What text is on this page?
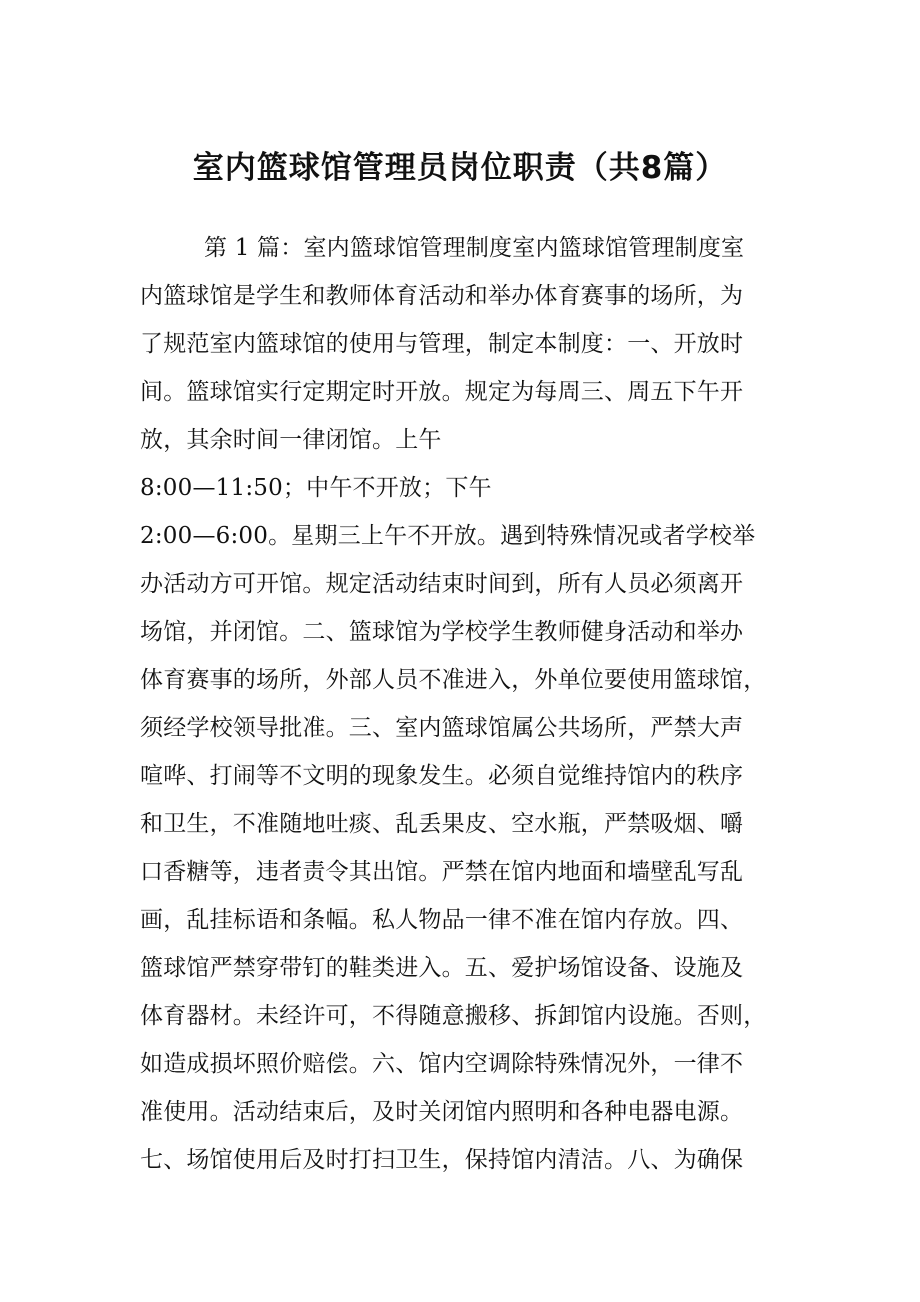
室内篮球馆管理员岗位职责（共8篇）
第 1 篇：室内篮球馆管理制度室内篮球馆管理制度室
内篮球馆是学生和教师体育活动和举办体育赛事的场所，为
了规范室内篮球馆的使用与管理，制定本制度：一、开放时
间。篮球馆实行定期定时开放。规定为每周三、周五下午开
放，其余时间一律闭馆。上午
8:00—11:50；中午不开放；下午
2:00—6:00。星期三上午不开放。遇到特殊情况或者学校举
办活动方可开馆。规定活动结束时间到，所有人员必须离开
场馆，并闭馆。二、篮球馆为学校学生教师健身活动和举办
体育赛事的场所，外部人员不准进入，外单位要使用篮球馆，
须经学校领导批准。三、室内篮球馆属公共场所，严禁大声
喧哗、打闹等不文明的现象发生。必须自觉维持馆内的秩序
和卫生，不准随地吐痰、乱丢果皮、空水瓶，严禁吸烟、嚼
口香糖等，违者责令其出馆。严禁在馆内地面和墙壁乱写乱
画，乱挂标语和条幅。私人物品一律不准在馆内存放。四、
篮球馆严禁穿带钉的鞋类进入。五、爱护场馆设备、设施及
体育器材。未经许可，不得随意搬移、拆卸馆内设施。否则，
如造成损坏照价赔偿。六、馆内空调除特殊情况外，一律不
准使用。活动结束后，及时关闭馆内照明和各种电器电源。
七、场馆使用后及时打扫卫生，保持馆内清洁。八、为确保
